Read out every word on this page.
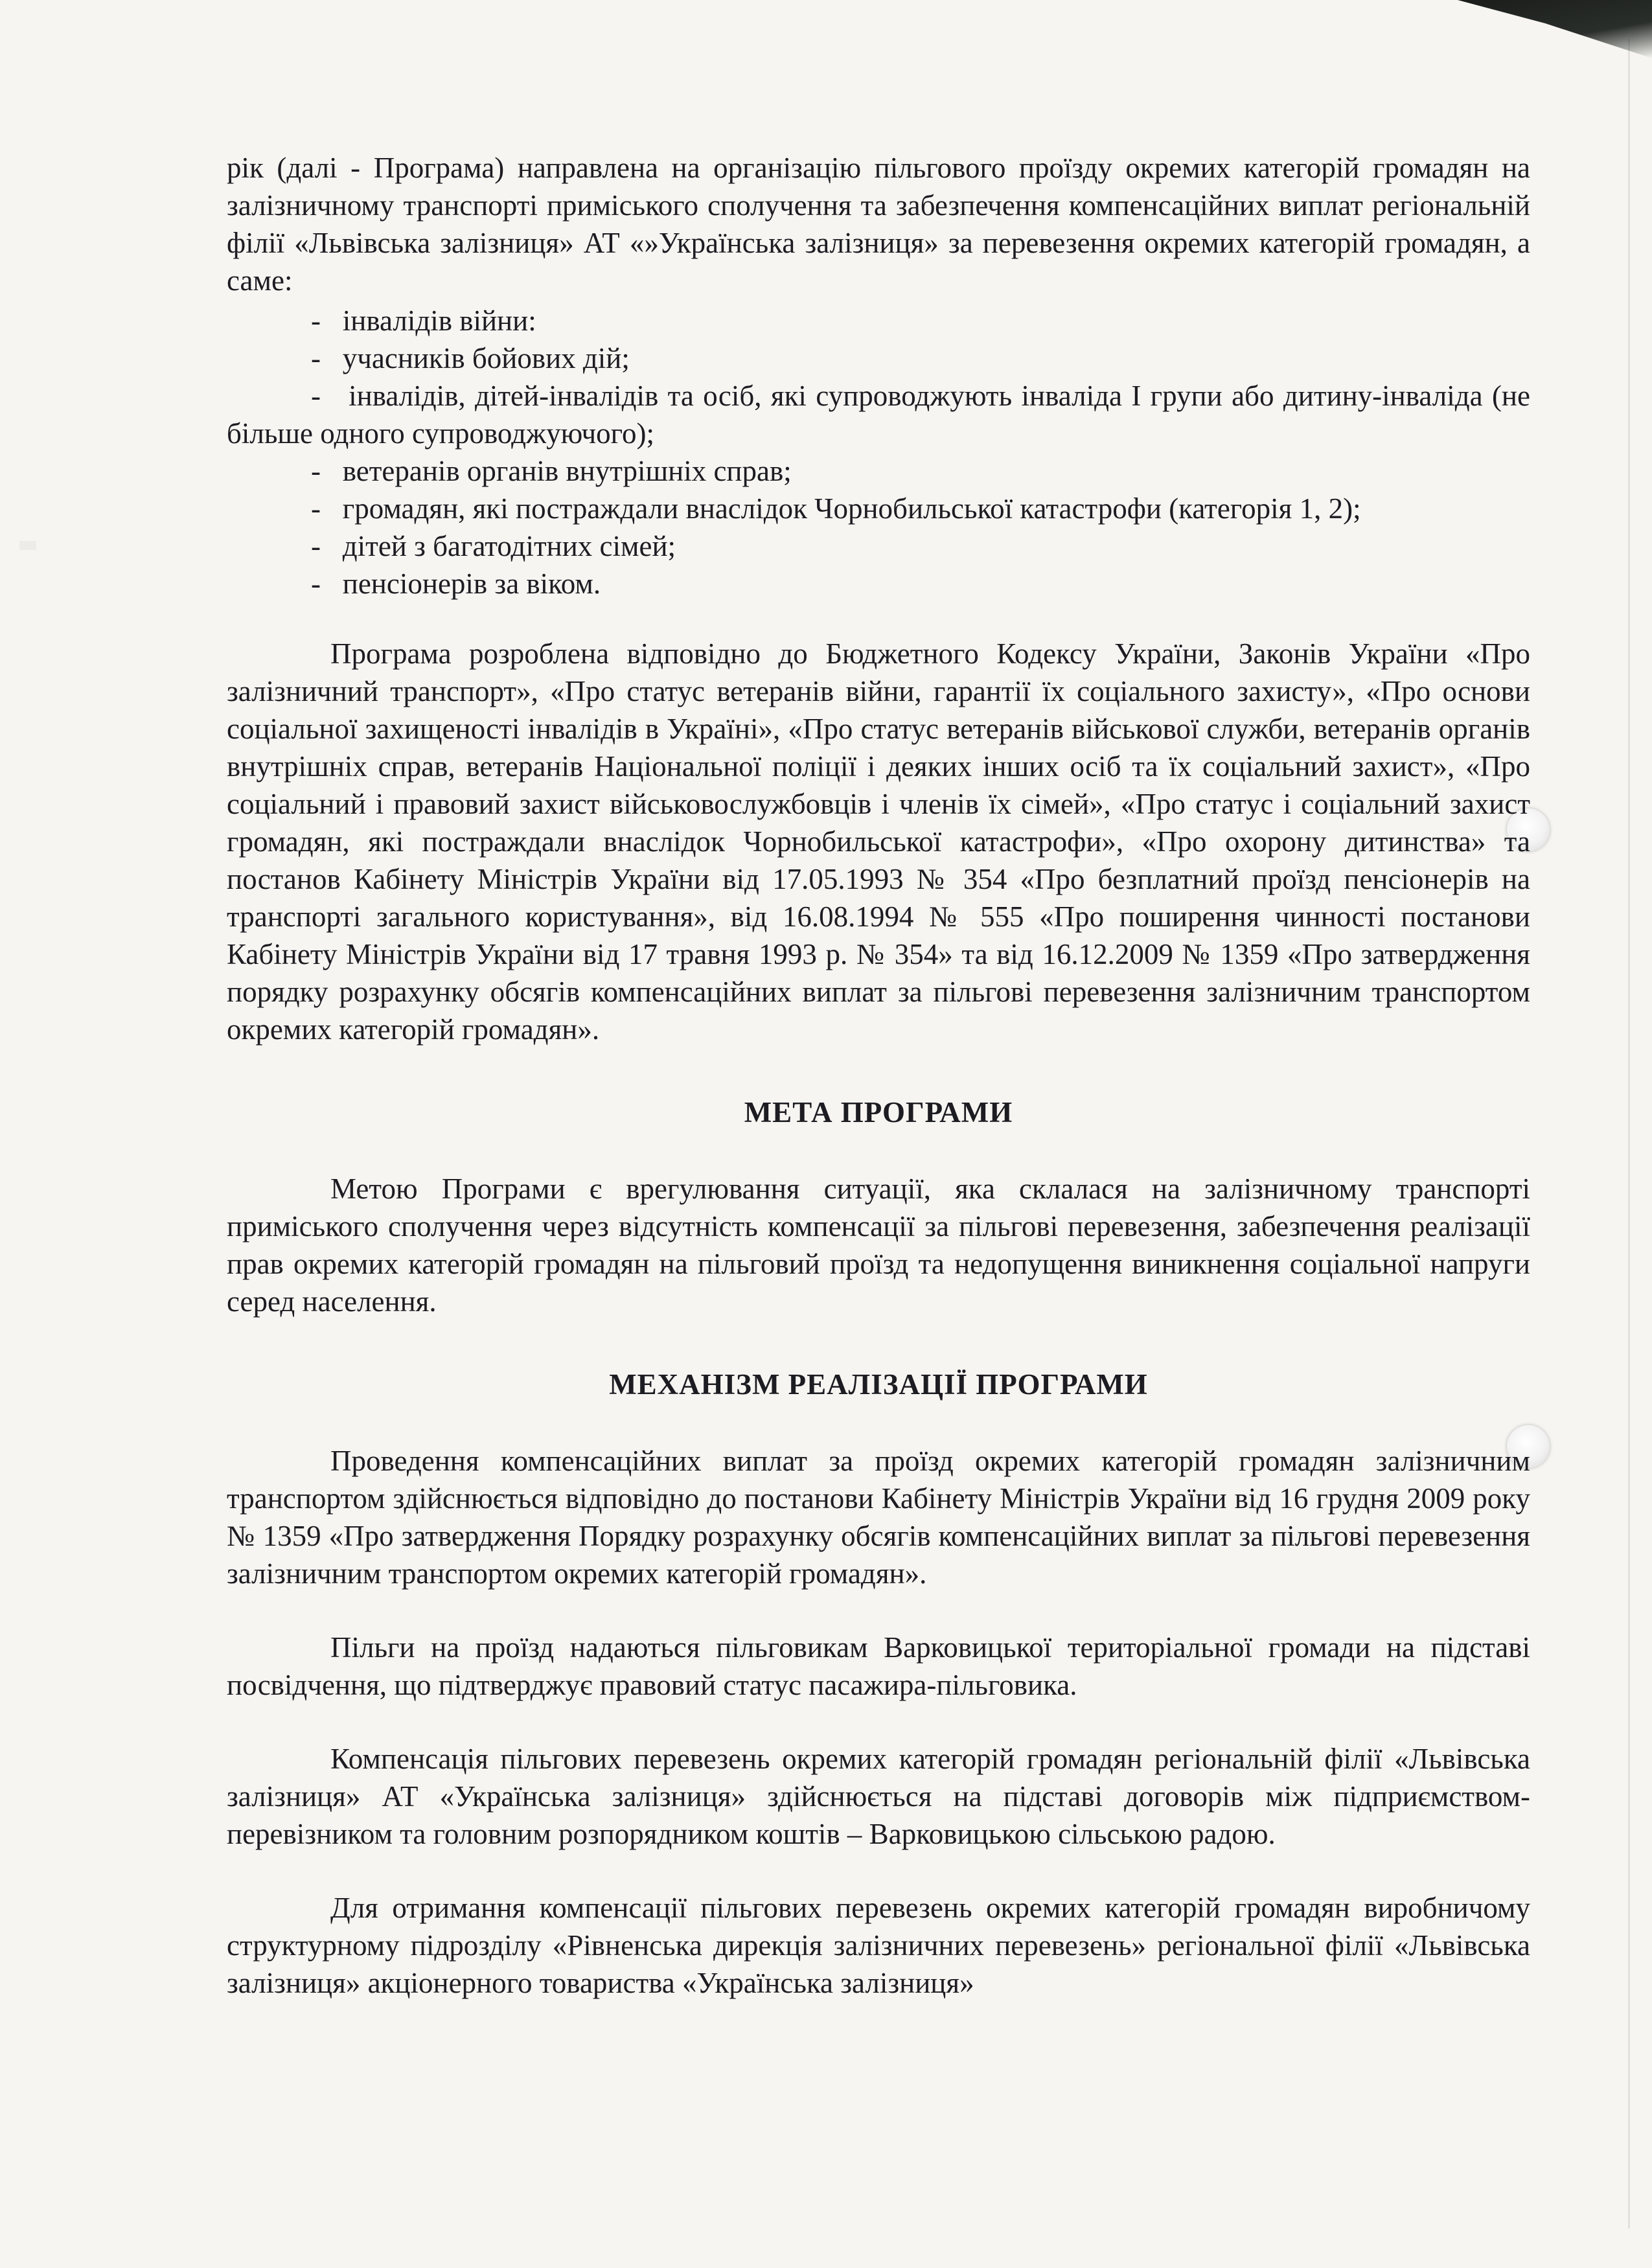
рік (далі - Програма) направлена на організацію пільгового проїзду окремих категорій громадян на залізничному транспорті приміського сполучення та забезпечення компенсаційних виплат регіональній філії «Львівська залізниця» АТ «»Українська залізниця» за перевезення окремих категорій громадян, а саме:

-   інвалідів війни:
-   учасників бойових дій;
-   інвалідів, дітей-інвалідів та осіб, які супроводжують інваліда I групи або дитину-інваліда (не більше одного супроводжуючого);
-   ветеранів органів внутрішніх справ;
-   громадян, які постраждали внаслідок Чорнобильської катастрофи (категорія 1, 2);
-   дітей з багатодітних сімей;
-   пенсіонерів за віком.

Програма розроблена відповідно до Бюджетного Кодексу України, Законів України «Про залізничний транспорт», «Про статус ветеранів війни, гарантії їх соціального захисту», «Про основи соціальної захищеності інвалідів в Україні», «Про статус ветеранів військової служби, ветеранів органів внутрішніх справ, ветеранів Національної поліції і деяких інших осіб та їх соціальний захист», «Про соціальний і правовий захист військовослужбовців і членів їх сімей», «Про статус і соціальний захист громадян, які постраждали внаслідок Чорнобильської катастрофи», «Про охорону дитинства» та постанов Кабінету Міністрів України від 17.05.1993 № 354 «Про безплатний проїзд пенсіонерів на транспорті загального користування», від 16.08.1994 № 555 «Про поширення чинності постанови Кабінету Міністрів України від 17 травня 1993 р. № 354» та від 16.12.2009 № 1359 «Про затвердження порядку розрахунку обсягів компенсаційних виплат за пільгові перевезення залізничним транспортом окремих категорій громадян».

МЕТА ПРОГРАМИ

Метою Програми є врегулювання ситуації, яка склалася на залізничному транспорті приміського сполучення через відсутність компенсації за пільгові перевезення, забезпечення реалізації прав окремих категорій громадян на пільговий проїзд та недопущення виникнення соціальної напруги серед населення.

МЕХАНІЗМ РЕАЛІЗАЦІЇ ПРОГРАМИ

Проведення компенсаційних виплат за проїзд окремих категорій громадян залізничним транспортом здійснюється відповідно до постанови Кабінету Міністрів України від 16 грудня 2009 року № 1359 «Про затвердження Порядку розрахунку обсягів компенсаційних виплат за пільгові перевезення залізничним транспортом окремих категорій громадян».

Пільги на проїзд надаються пільговикам Варковицької територіальної громади на підставі посвідчення, що підтверджує правовий статус пасажира-пільговика.

Компенсація пільгових перевезень окремих категорій громадян регіональній філії «Львівська залізниця» АТ «Українська залізниця» здійснюється на підставі договорів між підприємством-перевізником та головним розпорядником коштів – Варковицькою сільською радою.

Для отримання компенсації пільгових перевезень окремих категорій громадян виробничому структурному підрозділу «Рівненська дирекція залізничних перевезень» регіональної філії «Львівська залізниця» акціонерного товариства «Українська залізниця»
